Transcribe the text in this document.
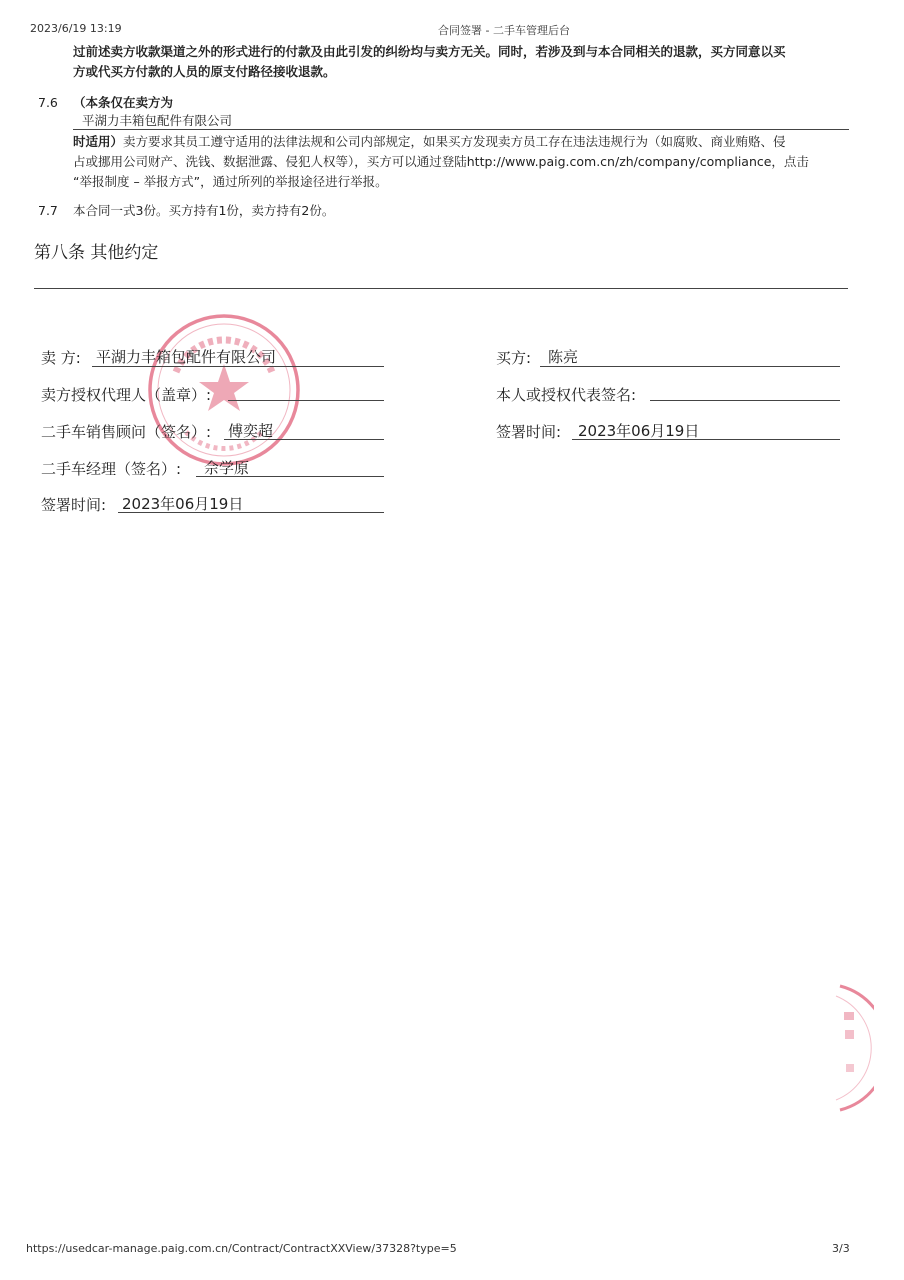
2023/6/19 13:19	合同签署 - 二手车管理后台
过前述卖方收款渠道之外的形式进行的付款及由此引发的纠纷均与卖方无关。同时，若涉及到与本合同相关的退款，买方同意以买
方或代买方付款的人员的原支付路径接收退款。
7.6 （本条仅在卖方为
平湖力丰箱包配件有限公司
时适用）卖方要求其员工遵守适用的法律法规和公司内部规定，如果买方发现卖方员工存在违法违规行为（如腐败、商业贿赂、侵
占或挪用公司财产、洗钱、数据泄露、侵犯人权等），买方可以通过登陆http://www.paig.com.cn/zh/company/compliance，点击
“举报制度 – 举报方式”，通过所列的举报途径进行举报。
7.7 本合同一式3份。买方持有1份，卖方持有2份。
第八条 其他约定
卖 方: 平湖力丰箱包配件有限公司
卖方授权代理人（盖章）:
二手车销售顾问（签名）: 傅奕超
二手车经理（签名）: 佘学原
签署时间: 2023年06月19日
买方: 陈亮
本人或授权代表签名:
签署时间: 2023年06月19日
https://usedcar-manage.paig.com.cn/Contract/ContractXXView/37328?type=5	3/3
